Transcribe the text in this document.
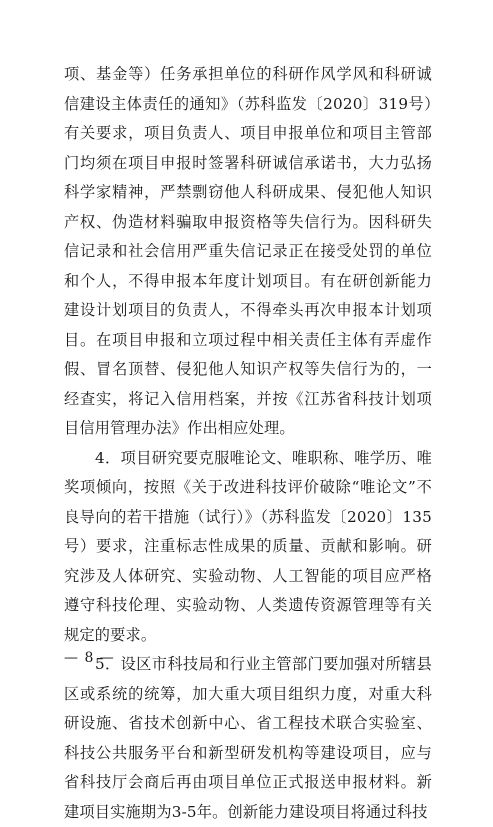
项、基金等）任务承担单位的科研作风学风和科研诚信建设主体责任的通知》（苏科监发〔2020〕319号）有关要求，项目负责人、项目申报单位和项目主管部门均须在项目申报时签署科研诚信承诺书，大力弘扬科学家精神，严禁剽窃他人科研成果、侵犯他人知识产权、伪造材料骗取申报资格等失信行为。因科研失信记录和社会信用严重失信记录正在接受处罚的单位和个人，不得申报本年度计划项目。有在研创新能力建设计划项目的负责人，不得牵头再次申报本计划项目。在项目申报和立项过程中相关责任主体有弄虚作假、冒名顶替、侵犯他人知识产权等失信行为的，一经查实，将记入信用档案，并按《江苏省科技计划项目信用管理办法》作出相应处理。

4．项目研究要克服唯论文、唯职称、唯学历、唯奖项倾向，按照《关于改进科技评价破除“唯论文”不良导向的若干措施（试行）》（苏科监发〔2020〕135号）要求，注重标志性成果的质量、贡献和影响。研究涉及人体研究、实验动物、人工智能的项目应严格遵守科技伦理、实验动物、人类遗传资源管理等有关规定的要求。

5．设区市科技局和行业主管部门要加强对所辖县区或系统的统筹，加大重大项目组织力度，对重大科研设施、省技术创新中心、省工程技术联合实验室、科技公共服务平台和新型研发机构等建设项目，应与省科技厅会商后再由项目单位正式报送申报材料。新建项目实施期为3-5年。创新能力建设项目将通过科技

— 8 —
